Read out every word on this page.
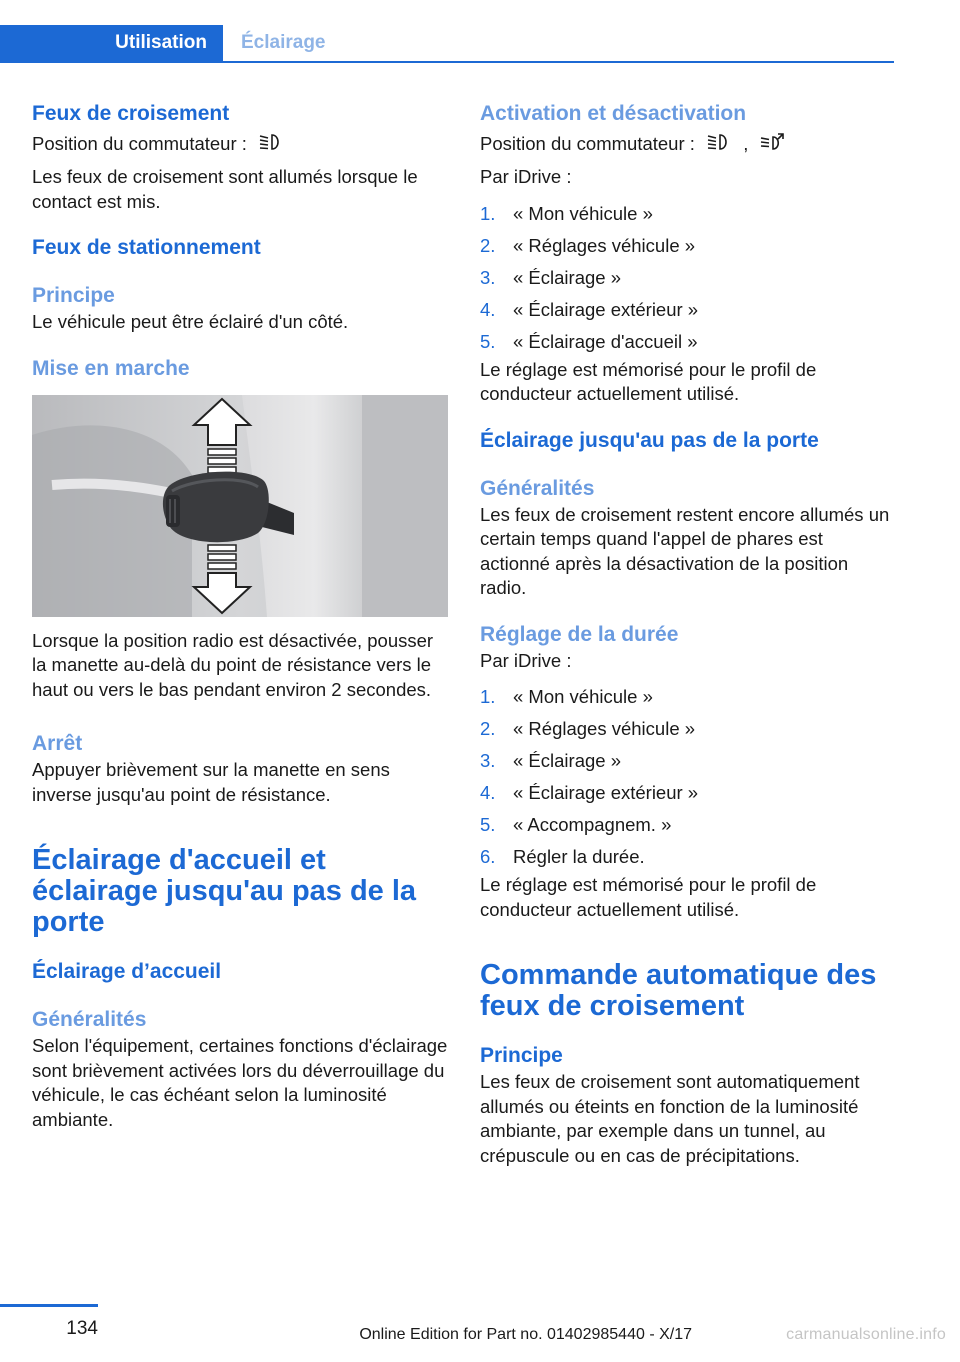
Utilisation	Éclairage
Feux de croisement

Position du commutateur :

Les feux de croisement sont allumés lorsque le contact est mis.

Feux de stationnement
Principe

Le véhicule peut être éclairé d'un côté.

Mise en marche

Lorsque la position radio est désactivée, pousser la manette au-delà du point de résistance vers le haut ou vers le bas pendant environ 2 secondes.

Arrêt

Appuyer brièvement sur la manette en sens inverse jusqu'au point de résistance.

Éclairage d'accueil et éclairage jusqu'au pas de la porte
Éclairage d’accueil
Généralités

Selon l'équipement, certaines fonctions d'éclairage sont brièvement activées lors du déverrouillage du véhicule, le cas échéant selon la luminosité ambiante.

Activation et désactivation

Position du commutateur :	,

Par iDrive :

1. « Mon véhicule »
2. « Réglages véhicule »
3. « Éclairage »
4. « Éclairage extérieur »
5. « Éclairage d'accueil »

Le réglage est mémorisé pour le profil de conducteur actuellement utilisé.

Éclairage jusqu'au pas de la porte
Généralités

Les feux de croisement restent encore allumés un certain temps quand l'appel de phares est actionné après la désactivation de la position radio.

Réglage de la durée

Par iDrive :

1. « Mon véhicule »
2. « Réglages véhicule »
3. « Éclairage »
4. « Éclairage extérieur »
5. « Accompagnem. »
6. Régler la durée.

Le réglage est mémorisé pour le profil de conducteur actuellement utilisé.

Commande automatique des feux de croisement
Principe

Les feux de croisement sont automatiquement allumés ou éteints en fonction de la luminosité ambiante, par exemple dans un tunnel, au crépuscule ou en cas de précipitations.

134	Online Edition for Part no. 01402985440 - X/17	carmanualsonline.info
